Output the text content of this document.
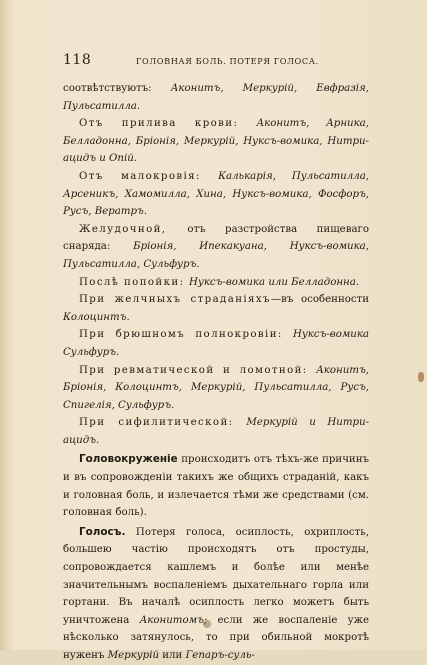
118	ГОЛОВНАЯ БОЛЬ. ПОТЕРЯ ГОЛОСА.

соотвѣтствуютъ: Аконитъ, Меркурій, Евфразія, Пульсатилла.

Отъ прилива крови: Аконитъ, Арника, Белладонна, Бріонія, Меркурій, Нуксъ-вомика, Нитри-ацидъ и Опій.

Отъ малокровія: Калькарія, Пульсатилла, Арсеникъ, Хамомилла, Хина, Нуксъ-вомика, Фосфоръ, Русъ, Вератръ.

Желудочной, отъ разстройства пищеваго снаряда: Бріонія, Ипекакуана, Нуксъ-вомика, Пульсатилла, Сульфуръ.

Послѣ попойки: Нуксъ-вомика или Белладонна.

При желчныхъ страданіяхъ—въ особенности Колоцинтъ.

При брюшномъ полнокровіи: Нуксъ-вомика Сульфуръ.

При ревматической и ломотной: Аконитъ, Бріонія, Колоцинтъ, Меркурій, Пульсатилла, Русъ, Спигелія, Сульфуръ.

При сифилитической: Меркурій и Нитри-ацидъ.

Головокруженіе происходитъ отъ тѣхъ-же причинъ и въ сопровожденіи такихъ же общихъ страданій, какъ и головная боль, и излечается тѣми же средствами (см. головная боль).

Голосъ. Потеря голоса, осиплость, охриплость, большею частію происходятъ отъ простуды, сопровождается кашлемъ и болѣе или менѣе значительнымъ воспаленіемъ дыхательнаго горла или гортани. Въ началѣ осиплость легко можетъ быть уничтожена Аконитомъ; если же воспаленіе уже нѣсколько затянулось, то при обильной мокротѣ нуженъ Меркурій или Гепаръ-суль-
